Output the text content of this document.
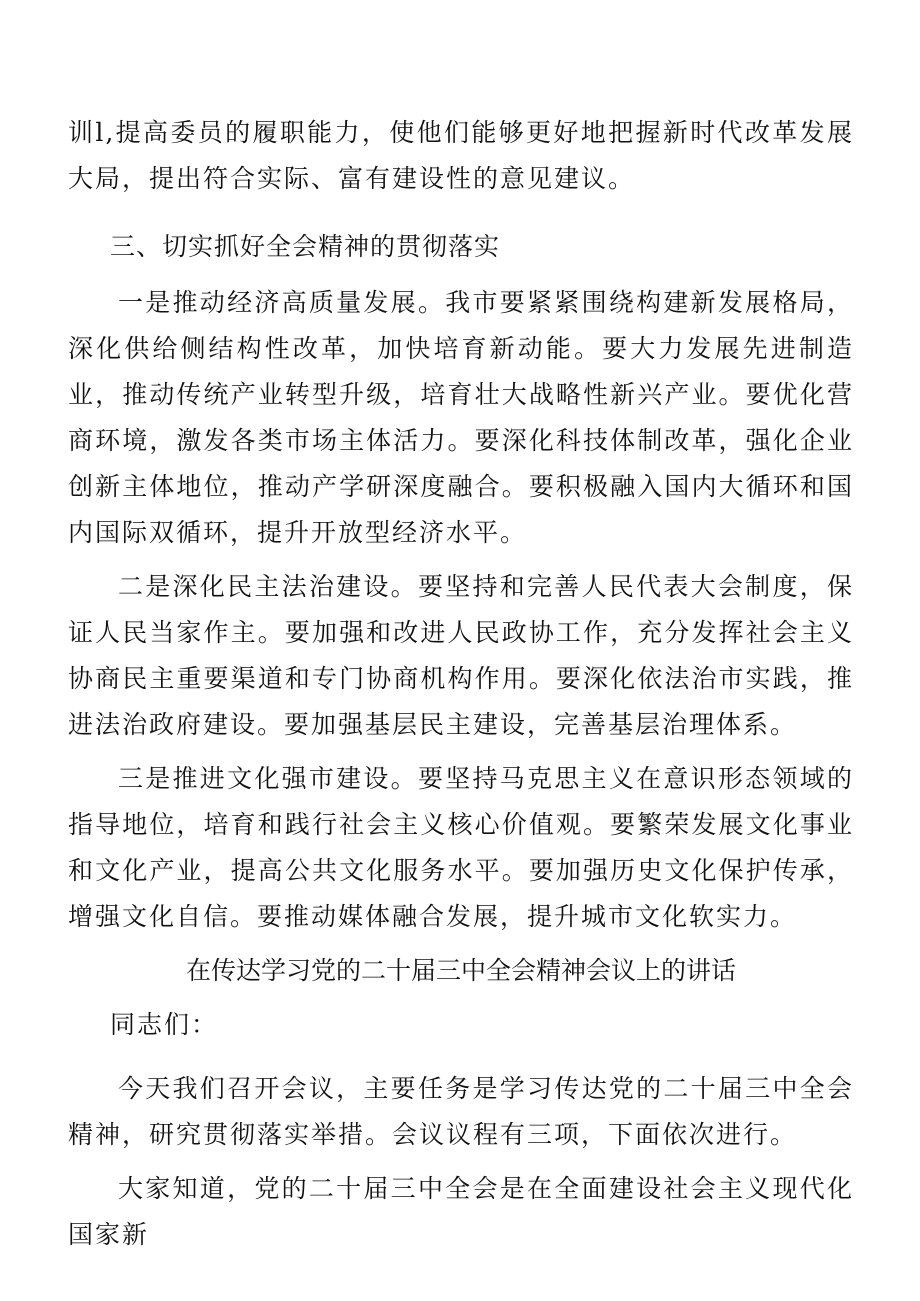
训l,提高委员的履职能力，使他们能够更好地把握新时代改革发展大局，提出符合实际、富有建设性的意见建议。

三、切实抓好全会精神的贯彻落实

一是推动经济高质量发展。我市要紧紧围绕构建新发展格局，深化供给侧结构性改革，加快培育新动能。要大力发展先进制造业，推动传统产业转型升级，培育壮大战略性新兴产业。要优化营商环境，激发各类市场主体活力。要深化科技体制改革，强化企业创新主体地位，推动产学研深度融合。要积极融入国内大循环和国内国际双循环，提升开放型经济水平。

二是深化民主法治建设。要坚持和完善人民代表大会制度，保证人民当家作主。要加强和改进人民政协工作，充分发挥社会主义协商民主重要渠道和专门协商机构作用。要深化依法治市实践，推进法治政府建设。要加强基层民主建设，完善基层治理体系。

三是推进文化强市建设。要坚持马克思主义在意识形态领域的指导地位，培育和践行社会主义核心价值观。要繁荣发展文化事业和文化产业，提高公共文化服务水平。要加强历史文化保护传承，增强文化自信。要推动媒体融合发展，提升城市文化软实力。

在传达学习党的二十届三中全会精神会议上的讲话
同志们：

今天我们召开会议，主要任务是学习传达党的二十届三中全会精神，研究贯彻落实举措。会议议程有三项，下面依次进行。

大家知道，党的二十届三中全会是在全面建设社会主义现代化国家新
